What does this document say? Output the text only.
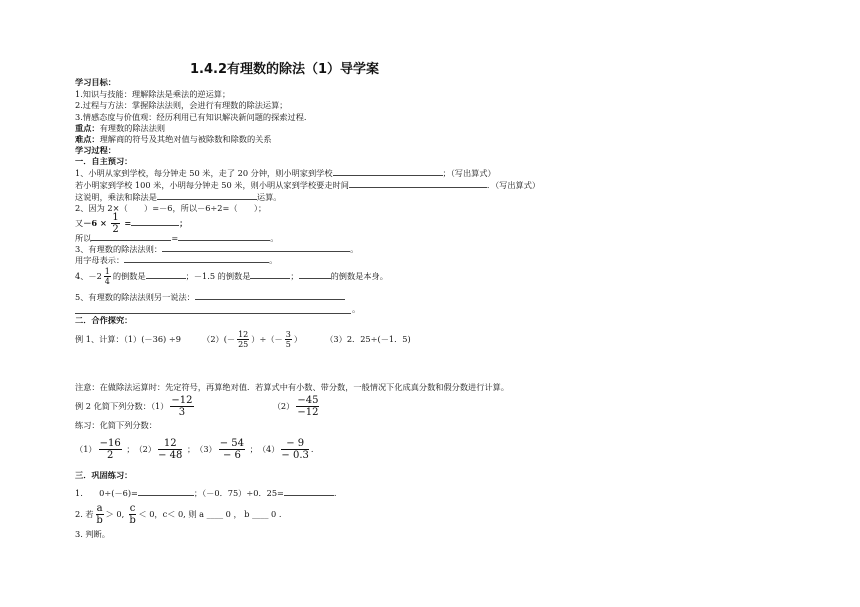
1.4.2有理数的除法（1）导学案
学习目标：
1.知识与技能：理解除法是乘法的逆运算；
2.过程与方法：掌握除法法则，会进行有理数的除法运算；
3.情感态度与价值观：经历利用已有知识解决新问题的探索过程.
重点：有理数的除法法则
难点：理解商的符号及其绝对值与被除数和除数的关系
学习过程：
一．自主预习：
1、小明从家到学校，每分钟走 50 米，走了 20 分钟，则小明家到学校	；（写出算式）
若小明家到学校 100 米，小明每分钟走 50 米，则小明从家到学校要走时间	．（写出算式）
这说明，乘法和除法是	运算。
2、因为 2×（　　）=－6，所以－6÷2=（　　）；
又$-6 \times \frac{1}{2}$ =	；
所以	=	。
3、有理数的除法法则：	。
用字母表示：	。
4、$-2 \frac{1}{4}$ 的倒数是	；－1.5 的倒数是	；	的倒数是本身。
5、有理数的除法法则另一说法：
。
二．合作探究：
例 1、计算：（1）(－36) ÷9	$(2)(- \frac{12}{25}$ ）÷（－ $\frac{3}{5}$ ）	（3）2．25÷(－1．5)
注意：在做除法运算时：先定符号，再算绝对值．若算式中有小数、带分数，一般情况下化成真分数和假分数进行计算。
例 2 化简下列分数：$(1) \frac{-12}{3}$	$(2) \frac{-45}{-12}$
练习：化简下列分数：
$(1) \frac{-16}{2}$ ；　$(2) \frac{12}{- 48}$ ；　$(3) \frac{- 54}{- 6}$ ；　$(4) \frac{- 9}{- 0.3}$ .
三．巩固练习：
1.　　0÷(－6)=	；（－0．75）÷0．25=	.
2. 若 $\frac{a}{b} > 0$, $\frac{c}{b} < 0$，c＜ 0, 则 a ____ 0 ， b ____ 0 .
3. 判断。
